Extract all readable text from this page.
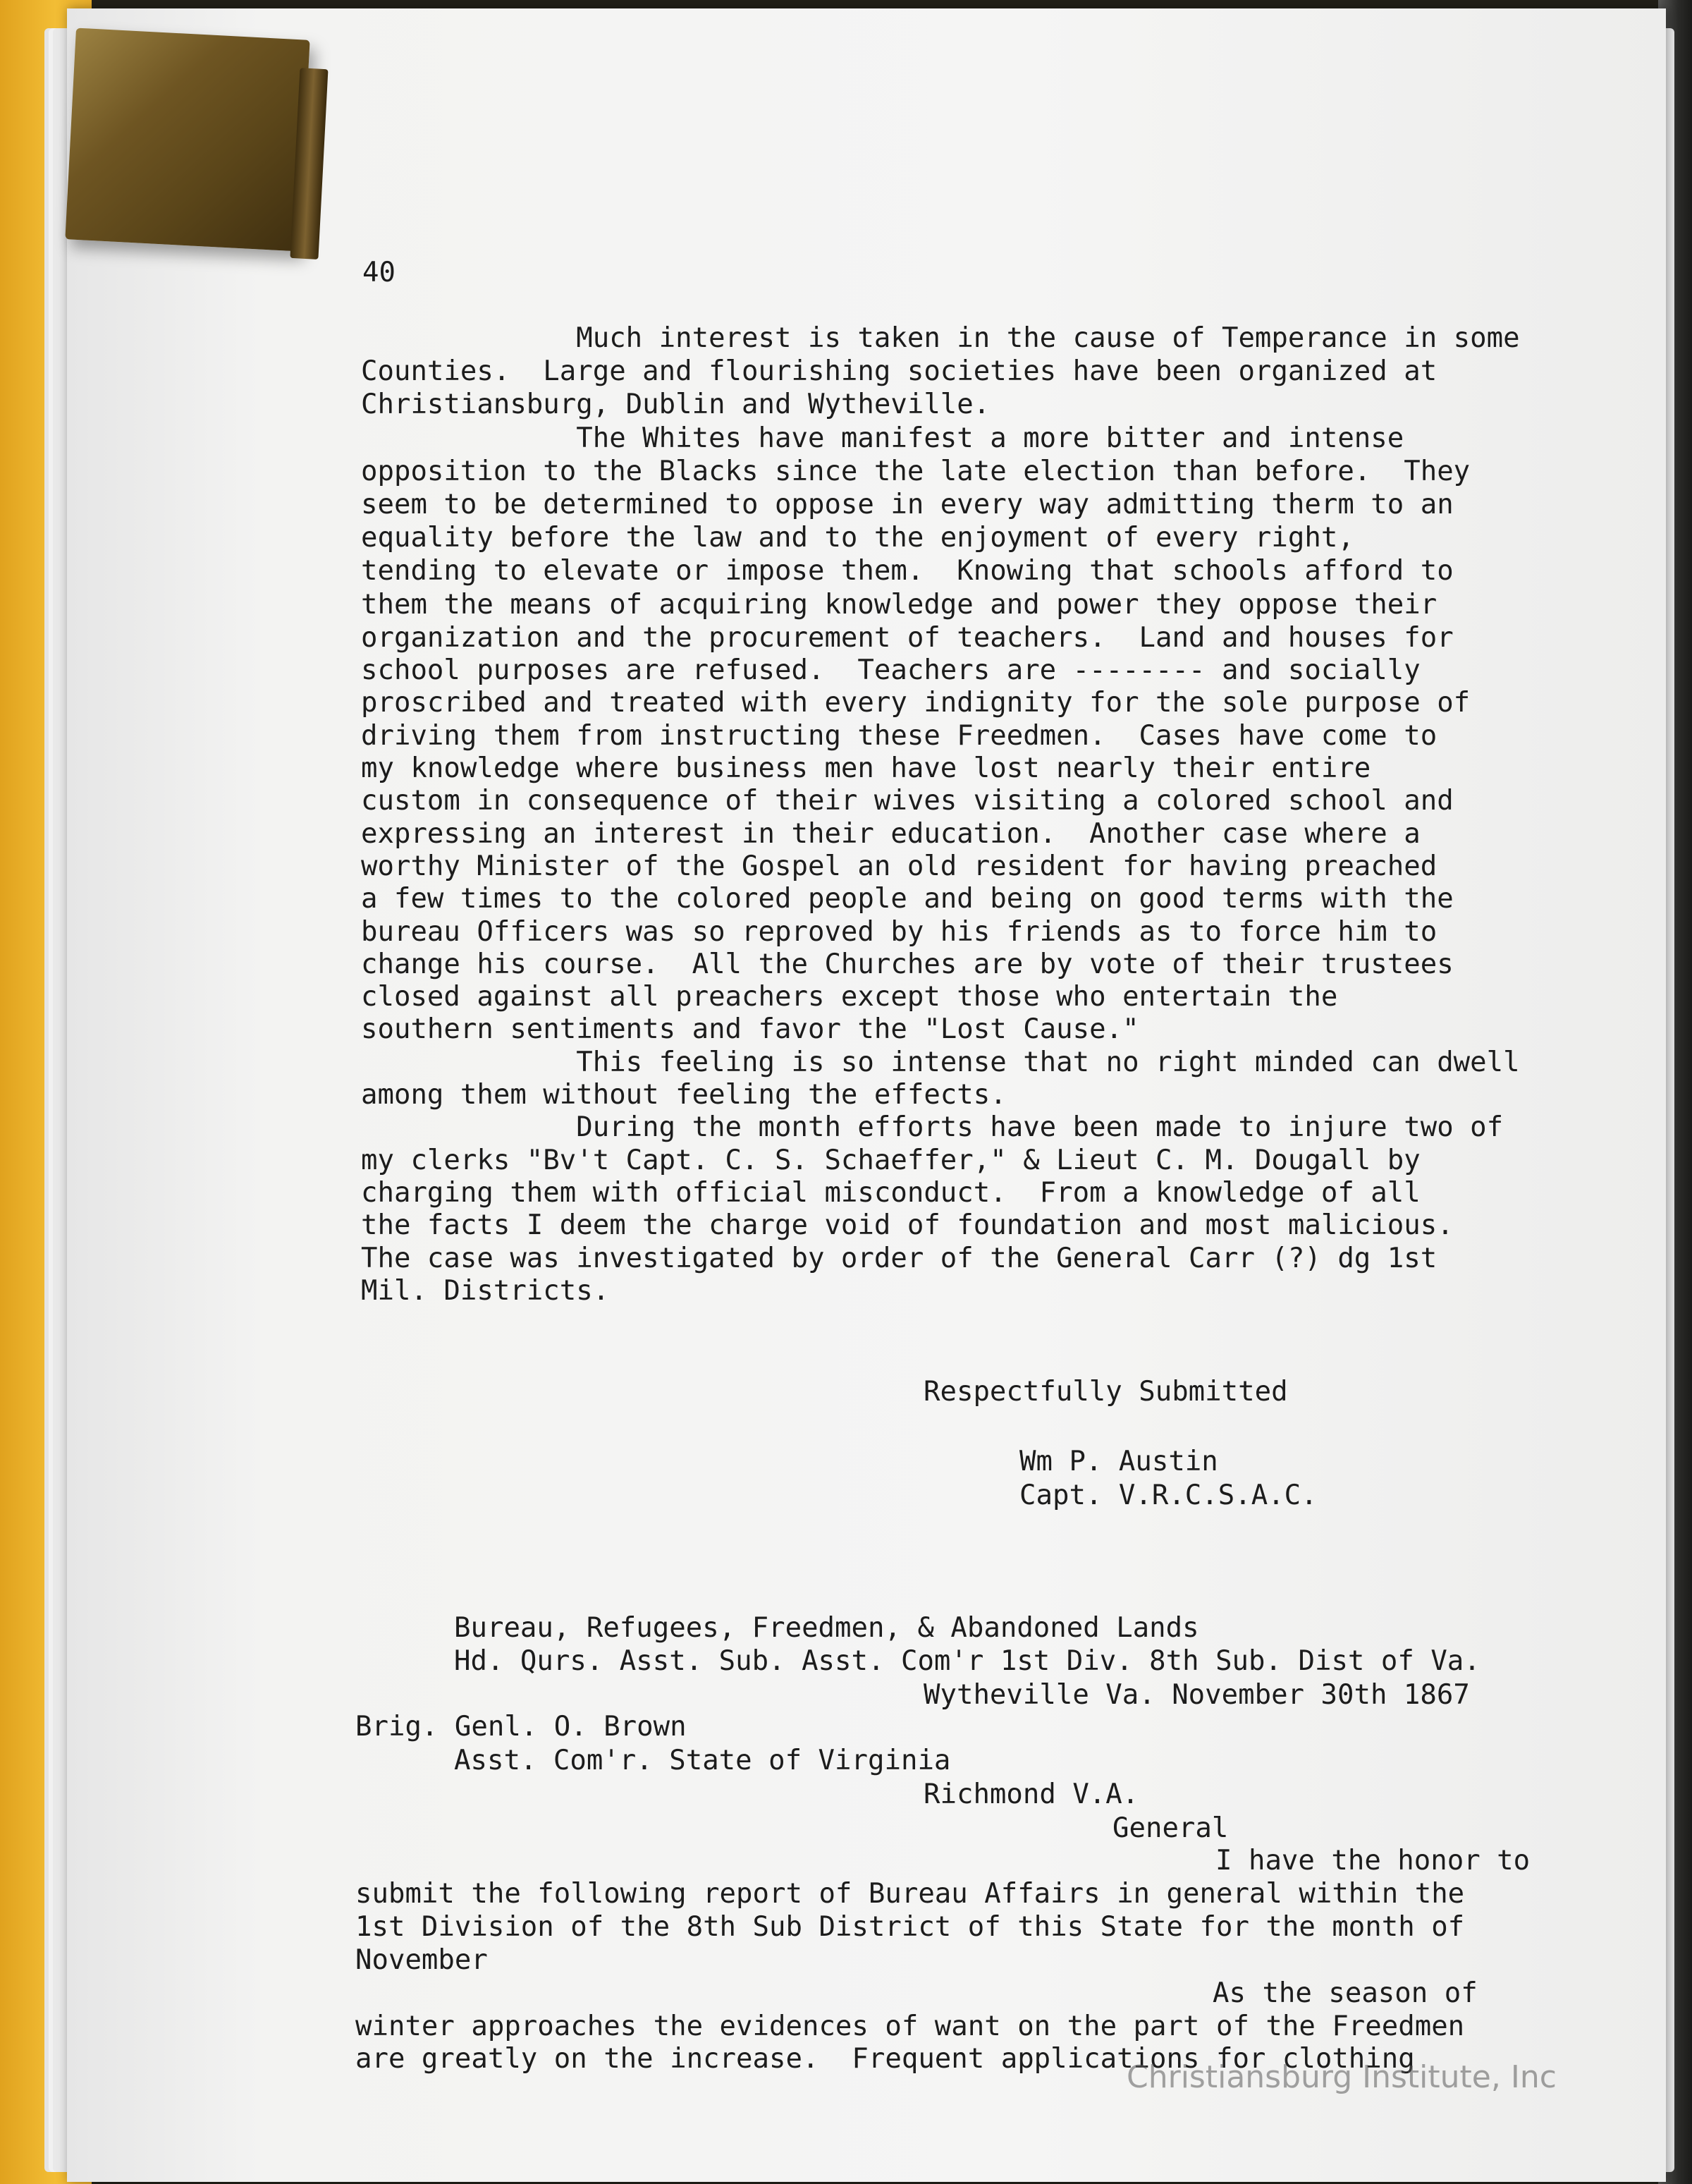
40
Much interest is taken in the cause of Temperance in some
Counties.  Large and flourishing societies have been organized at
Christiansburg, Dublin and Wytheville.
The Whites have manifest a more bitter and intense
opposition to the Blacks since the late election than before.  They
seem to be determined to oppose in every way admitting therm to an
equality before the law and to the enjoyment of every right,
tending to elevate or impose them.  Knowing that schools afford to
them the means of acquiring knowledge and power they oppose their
organization and the procurement of teachers.  Land and houses for
school purposes are refused.  Teachers are -------- and socially
proscribed and treated with every indignity for the sole purpose of
driving them from instructing these Freedmen.  Cases have come to
my knowledge where business men have lost nearly their entire
custom in consequence of their wives visiting a colored school and
expressing an interest in their education.  Another case where a
worthy Minister of the Gospel an old resident for having preached
a few times to the colored people and being on good terms with the
bureau Officers was so reproved by his friends as to force him to
change his course.  All the Churches are by vote of their trustees
closed against all preachers except those who entertain the
southern sentiments and favor the "Lost Cause."
This feeling is so intense that no right minded can dwell
among them without feeling the effects.
During the month efforts have been made to injure two of
my clerks "Bv't Capt. C. S. Schaeffer," & Lieut C. M. Dougall by
charging them with official misconduct.  From a knowledge of all
the facts I deem the charge void of foundation and most malicious.
The case was investigated by order of the General Carr (?) dg 1st
Mil. Districts.
Respectfully Submitted
Wm P. Austin
Capt. V.R.C.S.A.C.
Bureau, Refugees, Freedmen, & Abandoned Lands
Hd. Qurs. Asst. Sub. Asst. Com'r 1st Div. 8th Sub. Dist of Va.
Wytheville Va. November 30th 1867
Brig. Genl. O. Brown
Asst. Com'r. State of Virginia
Richmond V.A.
General
I have the honor to
submit the following report of Bureau Affairs in general within the
1st Division of the 8th Sub District of this State for the month of
November
As the season of
winter approaches the evidences of want on the part of the Freedmen
are greatly on the increase.  Frequent applications for clothing
Christiansburg Institute, Inc
